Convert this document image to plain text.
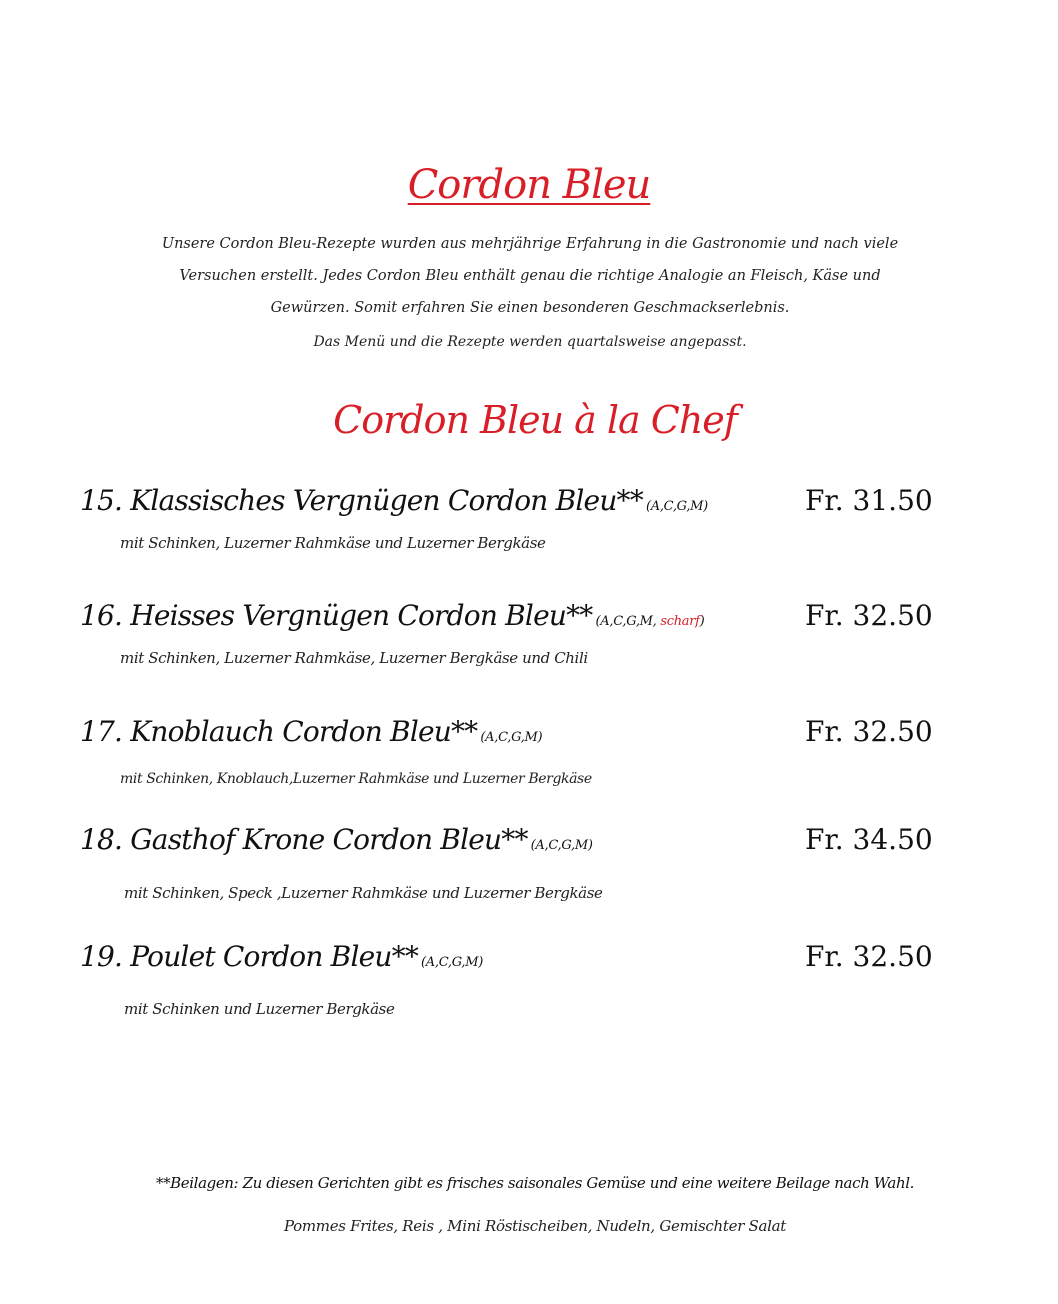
Cordon Bleu
Unsere Cordon Bleu-Rezepte wurden aus mehrjährige Erfahrung in die Gastronomie und nach viele
Versuchen erstellt. Jedes Cordon Bleu enthält genau die richtige Analogie an Fleisch, Käse und
Gewürzen. Somit erfahren Sie einen besonderen Geschmackserlebnis.
Das Menü und die Rezepte werden quartalsweise angepasst.
Cordon Bleu à la Chef
15. Klassisches Vergnügen Cordon Bleu** (A,C,G,M)	Fr. 31.50
mit Schinken, Luzerner Rahmkäse und Luzerner Bergkäse
16. Heisses Vergnügen Cordon Bleu** (A,C,G,M, scharf)	Fr. 32.50
mit Schinken, Luzerner Rahmkäse, Luzerner Bergkäse und Chili
17. Knoblauch Cordon Bleu** (A,C,G,M)	Fr. 32.50
mit Schinken, Knoblauch,Luzerner Rahmkäse und Luzerner Bergkäse
18. Gasthof Krone Cordon Bleu** (A,C,G,M)	Fr. 34.50
mit Schinken, Speck ,Luzerner Rahmkäse und Luzerner Bergkäse
19. Poulet Cordon Bleu** (A,C,G,M)	Fr. 32.50
mit Schinken und Luzerner Bergkäse
**Beilagen: Zu diesen Gerichten gibt es frisches saisonales Gemüse und eine weitere Beilage nach Wahl.
Pommes Frites, Reis , Mini Röstischeiben, Nudeln, Gemischter Salat
